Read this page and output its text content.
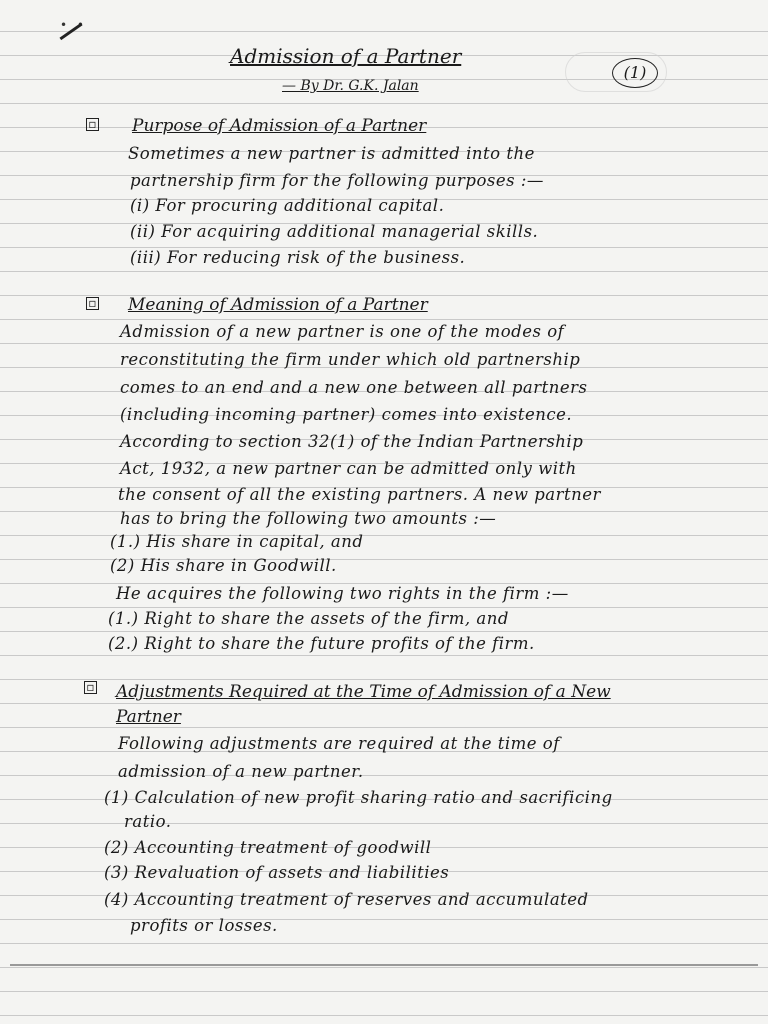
• •
(1)
Admission of a Partner
— By Dr. G.K. Jalan
▫ Purpose of Admission of a Partner
Sometimes a new partner is admitted into the
partnership firm for the following purposes :—
(i) For procuring additional capital.
(ii) For acquiring additional managerial skills.
(iii) For reducing risk of the business.
▫ Meaning of Admission of a Partner
Admission of a new partner is one of the modes of
reconstituting the firm under which old partnership
comes to an end and a new one between all partners
(including incoming partner) comes into existence.
According to section 32(1) of the Indian Partnership
Act, 1932, a new partner can be admitted only with
the consent of all the existing partners. A new partner
has to bring the following two amounts :—
(1.) His share in capital, and
(2) His share in Goodwill.
He acquires the following two rights in the firm :—
(1.) Right to share the assets of the firm, and
(2.) Right to share the future profits of the firm.
▫ Adjustments Required at the Time of Admission of a New
Partner
Following adjustments are required at the time of
admission of a new partner.
(1) Calculation of new profit sharing ratio and sacrificing
ratio.
(2) Accounting treatment of goodwill
(3) Revaluation of assets and liabilities
(4) Accounting treatment of reserves and accumulated
profits or losses.
